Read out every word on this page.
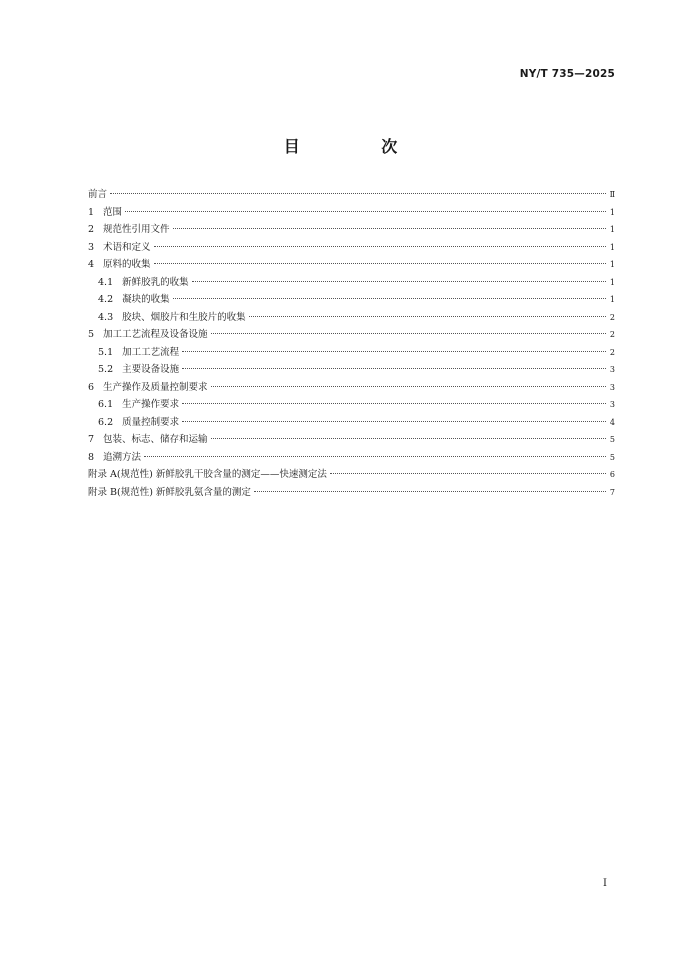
NY/T 735—2025
目 次
前言	Ⅱ
1 范围	1
2 规范性引用文件	1
3 术语和定义	1
4 原料的收集	1
4.1 新鲜胶乳的收集	1
4.2 凝块的收集	1
4.3 胶块、烟胶片和生胶片的收集	2
5 加工工艺流程及设备设施	2
5.1 加工工艺流程	2
5.2 主要设备设施	3
6 生产操作及质量控制要求	3
6.1 生产操作要求	3
6.2 质量控制要求	4
7 包装、标志、储存和运输	5
8 追溯方法	5
附录 A(规范性) 新鲜胶乳干胶含量的测定——快速测定法	6
附录 B(规范性) 新鲜胶乳氨含量的测定	7
I
